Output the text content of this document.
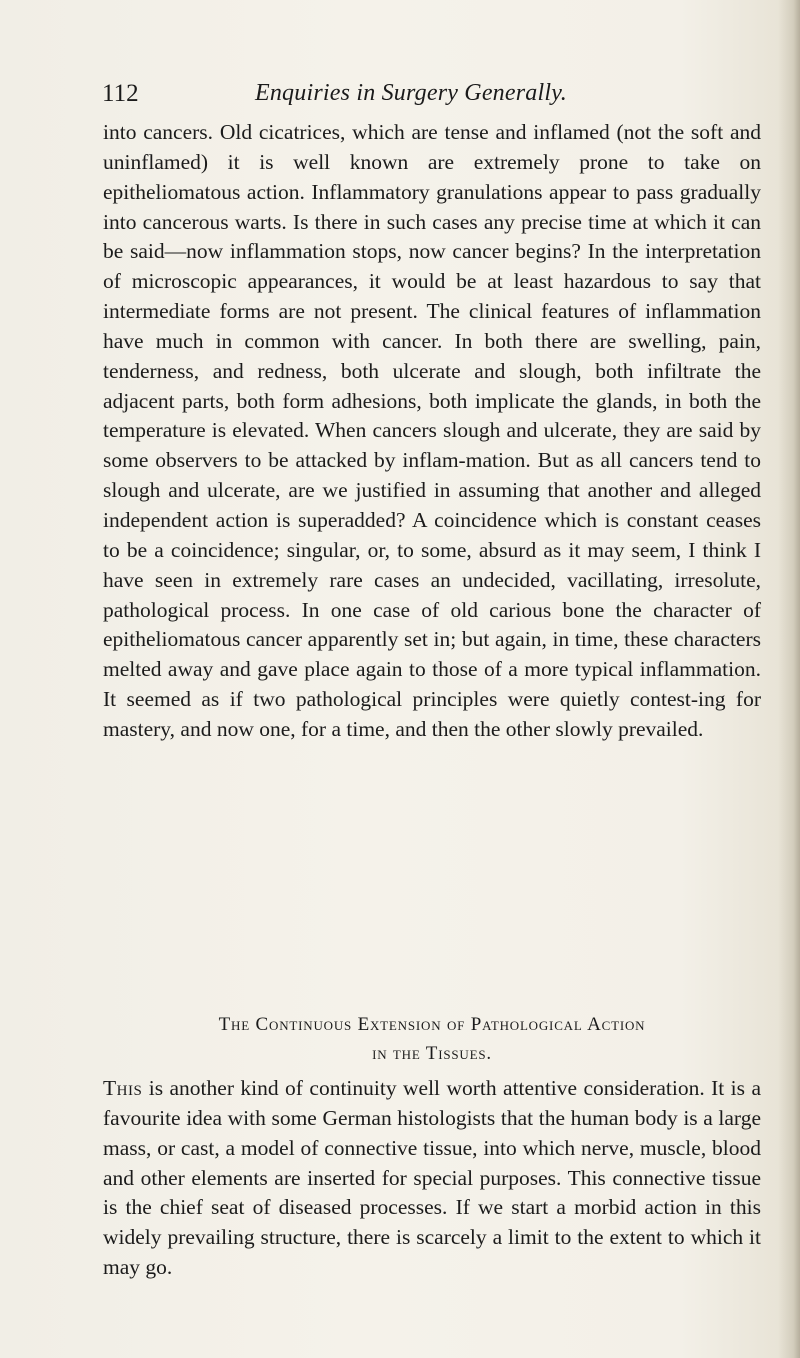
112	Enquiries in Surgery Generally.

into cancers. Old cicatrices, which are tense and inflamed (not the soft and uninflamed) it is well known are extremely prone to take on epitheliomatous action. Inflammatory granulations appear to pass gradually into cancerous warts. Is there in such cases any precise time at which it can be said—now inflammation stops, now cancer begins? In the interpretation of microscopic appearances, it would be at least hazardous to say that intermediate forms are not present. The clinical features of inflammation have much in common with cancer. In both there are swelling, pain, tenderness, and redness, both ulcerate and slough, both infiltrate the adjacent parts, both form adhesions, both implicate the glands, in both the temperature is elevated. When cancers slough and ulcerate, they are said by some observers to be attacked by inflam-mation. But as all cancers tend to slough and ulcerate, are we justified in assuming that another and alleged independent action is superadded? A coincidence which is constant ceases to be a coincidence; singular, or, to some, absurd as it may seem, I think I have seen in extremely rare cases an undecided, vacillating, irresolute, pathological process. In one case of old carious bone the character of epitheliomatous cancer apparently set in; but again, in time, these characters melted away and gave place again to those of a more typical inflammation. It seemed as if two pathological principles were quietly contest-ing for mastery, and now one, for a time, and then the other slowly prevailed.

The Continuous Extension of Pathological Action
in the Tissues.

This is another kind of continuity well worth attentive consideration. It is a favourite idea with some German histologists that the human body is a large mass, or cast, a model of connective tissue, into which nerve, muscle, blood and other elements are inserted for special purposes. This connective tissue is the chief seat of diseased processes. If we start a morbid action in this widely prevailing structure, there is scarcely a limit to the extent to which it may go.
